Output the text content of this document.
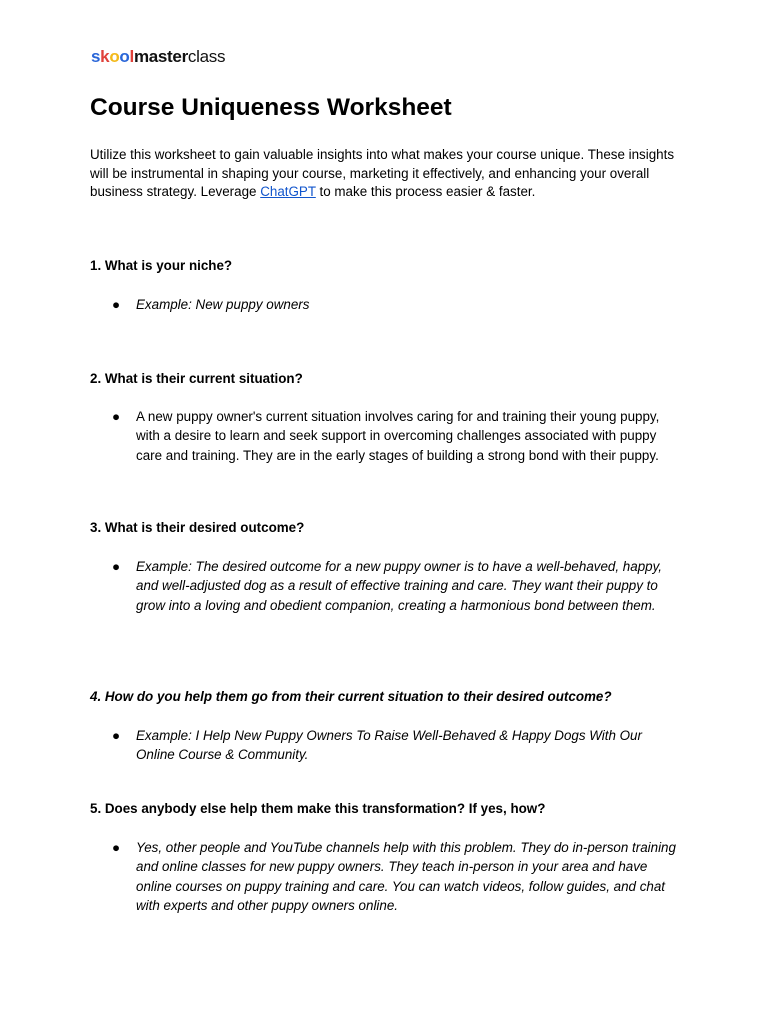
skoolmasterclass
Course Uniqueness Worksheet

Utilize this worksheet to gain valuable insights into what makes your course unique. These insights will be instrumental in shaping your course, marketing it effectively, and enhancing your overall business strategy. Leverage ChatGPT to make this process easier & faster.

1. What is your niche?

● Example: New puppy owners

2. What is their current situation?

● A new puppy owner's current situation involves caring for and training their young puppy, with a desire to learn and seek support in overcoming challenges associated with puppy care and training. They are in the early stages of building a strong bond with their puppy.

3. What is their desired outcome?

● Example: The desired outcome for a new puppy owner is to have a well-behaved, happy, and well-adjusted dog as a result of effective training and care. They want their puppy to grow into a loving and obedient companion, creating a harmonious bond between them.

4. How do you help them go from their current situation to their desired outcome?

● Example: I Help New Puppy Owners To Raise Well-Behaved & Happy Dogs With Our Online Course & Community.

5. Does anybody else help them make this transformation? If yes, how?

● Yes, other people and YouTube channels help with this problem. They do in-person training and online classes for new puppy owners. They teach in-person in your area and have online courses on puppy training and care. You can watch videos, follow guides, and chat with experts and other puppy owners online.
